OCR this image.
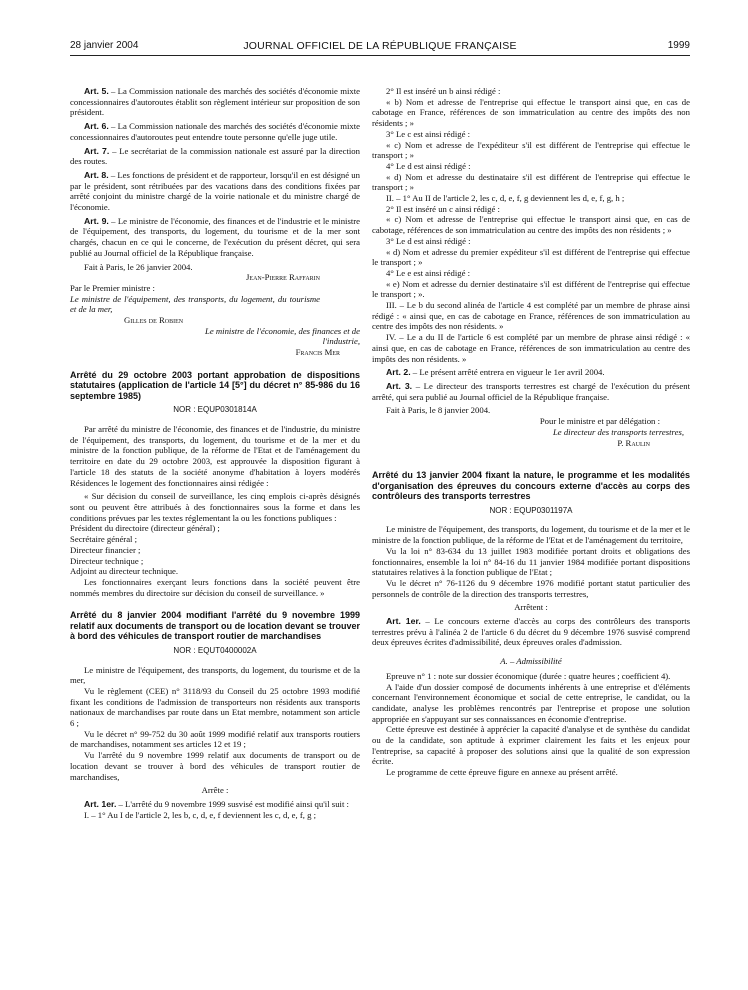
28 janvier 2004	JOURNAL OFFICIEL DE LA RÉPUBLIQUE FRANÇAISE	1999

Art. 5. – La Commission nationale des marchés des sociétés d'économie mixte concessionnaires d'autoroutes établit son règlement intérieur sur proposition de son président.

Art. 6. – La Commission nationale des marchés des sociétés d'économie mixte concessionnaires d'autoroutes peut entendre toute personne qu'elle juge utile.

Art. 7. – Le secrétariat de la commission nationale est assuré par la direction des routes.

Art. 8. – Les fonctions de président et de rapporteur, lorsqu'il en est désigné un par le président, sont rétribuées par des vacations dans des conditions fixées par arrêté conjoint du ministre chargé de la voirie nationale et du ministre chargé de l'économie.

Art. 9. – Le ministre de l'économie, des finances et de l'industrie et le ministre de l'équipement, des transports, du logement, du tourisme et de la mer sont chargés, chacun en ce qui le concerne, de l'exécution du présent décret, qui sera publié au Journal officiel de la République française.

Fait à Paris, le 26 janvier 2004.

Jean-Pierre Raffarin

Par le Premier ministre :

Le ministre de l'équipement, des transports, du logement, du tourisme et de la mer,

Gilles de Robien

Le ministre de l'économie, des finances et de l'industrie,

Francis Mer

Arrêté du 29 octobre 2003 portant approbation de dispositions statutaires (application de l'article 14 [5°] du décret n° 85-986 du 16 septembre 1985)

NOR : EQUP0301814A

Par arrêté du ministre de l'économie, des finances et de l'industrie, du ministre de l'équipement, des transports, du logement, du tourisme et de la mer et du ministre de la fonction publique, de la réforme de l'Etat et de l'aménagement du territoire en date du 29 octobre 2003, est approuvée la disposition figurant à l'article 18 des statuts de la société anonyme d'habitation à loyers modérés Résidences le logement des fonctionnaires ainsi rédigée :

« Sur décision du conseil de surveillance, les cinq emplois ci-après désignés sont ou peuvent être attribués à des fonctionnaires sous la forme et dans les conditions prévues par les textes réglementant la ou les fonctions publiques :

Président du directoire (directeur général) ;

Secrétaire général ;

Directeur financier ;

Directeur technique ;

Adjoint au directeur technique.

Les fonctionnaires exerçant leurs fonctions dans la société peuvent être nommés membres du directoire sur décision du conseil de surveillance. »

Arrêté du 8 janvier 2004 modifiant l'arrêté du 9 novembre 1999 relatif aux documents de transport ou de location devant se trouver à bord des véhicules de transport routier de marchandises

NOR : EQUT0400002A

Le ministre de l'équipement, des transports, du logement, du tourisme et de la mer,

Vu le règlement (CEE) n° 3118/93 du Conseil du 25 octobre 1993 modifié fixant les conditions de l'admission de transporteurs non résidents aux transports nationaux de marchandises par route dans un Etat membre, notamment son article 6 ;

Vu le décret n° 99-752 du 30 août 1999 modifié relatif aux transports routiers de marchandises, notamment ses articles 12 et 19 ;

Vu l'arrêté du 9 novembre 1999 relatif aux documents de transport ou de location devant se trouver à bord des véhicules de transport routier de marchandises,

Arrête :

Art. 1er. – L'arrêté du 9 novembre 1999 susvisé est modifié ainsi qu'il suit :

I. – 1° Au I de l'article 2, les b, c, d, e, f deviennent les c, d, e, f, g ;

2° Il est inséré un b ainsi rédigé :

« b) Nom et adresse de l'entreprise qui effectue le transport ainsi que, en cas de cabotage en France, références de son immatriculation au centre des impôts des non résidents ; »

3° Le c est ainsi rédigé :

« c) Nom et adresse de l'expéditeur s'il est différent de l'entreprise qui effectue le transport ; »

4° Le d est ainsi rédigé :

« d) Nom et adresse du destinataire s'il est différent de l'entreprise qui effectue le transport ; »

II. – 1° Au II de l'article 2, les c, d, e, f, g deviennent les d, e, f, g, h ;

2° Il est inséré un c ainsi rédigé :

« c) Nom et adresse de l'entreprise qui effectue le transport ainsi que, en cas de cabotage, références de son immatriculation au centre des impôts des non résidents ; »

3° Le d est ainsi rédigé :

« d) Nom et adresse du premier expéditeur s'il est différent de l'entreprise qui effectue le transport ; »

4° Le e est ainsi rédigé :

« e) Nom et adresse du dernier destinataire s'il est différent de l'entreprise qui effectue le transport ; ».

III. – Le b du second alinéa de l'article 4 est complété par un membre de phrase ainsi rédigé : « ainsi que, en cas de cabotage en France, références de son immatriculation au centre des impôts des non résidents. »

IV. – Le a du II de l'article 6 est complété par un membre de phrase ainsi rédigé : « ainsi que, en cas de cabotage en France, références de son immatriculation au centre des impôts des non résidents. »

Art. 2. – Le présent arrêté entrera en vigueur le 1er avril 2004.

Art. 3. – Le directeur des transports terrestres est chargé de l'exécution du présent arrêté, qui sera publié au Journal officiel de la République française.

Fait à Paris, le 8 janvier 2004.

Pour le ministre et par délégation :

Le directeur des transports terrestres,

P. Raulin

Arrêté du 13 janvier 2004 fixant la nature, le programme et les modalités d'organisation des épreuves du concours externe d'accès au corps des contrôleurs des transports terrestres

NOR : EQUP0301197A

Le ministre de l'équipement, des transports, du logement, du tourisme et de la mer et le ministre de la fonction publique, de la réforme de l'Etat et de l'aménagement du territoire,

Vu la loi n° 83-634 du 13 juillet 1983 modifiée portant droits et obligations des fonctionnaires, ensemble la loi n° 84-16 du 11 janvier 1984 modifiée portant dispositions statutaires relatives à la fonction publique de l'Etat ;

Vu le décret n° 76-1126 du 9 décembre 1976 modifié portant statut particulier des personnels de contrôle de la direction des transports terrestres,

Arrêtent :

Art. 1er. – Le concours externe d'accès au corps des contrôleurs des transports terrestres prévu à l'alinéa 2 de l'article 6 du décret du 9 décembre 1976 susvisé comprend deux épreuves écrites d'admissibilité, deux épreuves orales d'admission.

A. – Admissibilité

Epreuve n° 1 : note sur dossier économique (durée : quatre heures ; coefficient 4).

A l'aide d'un dossier composé de documents inhérents à une entreprise et d'éléments concernant l'environnement économique et social de cette entreprise, le candidat, ou la candidate, analyse les problèmes rencontrés par l'entreprise et propose une solution appropriée en s'appuyant sur ses connaissances en économie d'entreprise.

Cette épreuve est destinée à apprécier la capacité d'analyse et de synthèse du candidat ou de la candidate, son aptitude à exprimer clairement les faits et les enjeux pour l'entreprise, sa capacité à proposer des solutions ainsi que la qualité de son expression écrite.

Le programme de cette épreuve figure en annexe au présent arrêté.
